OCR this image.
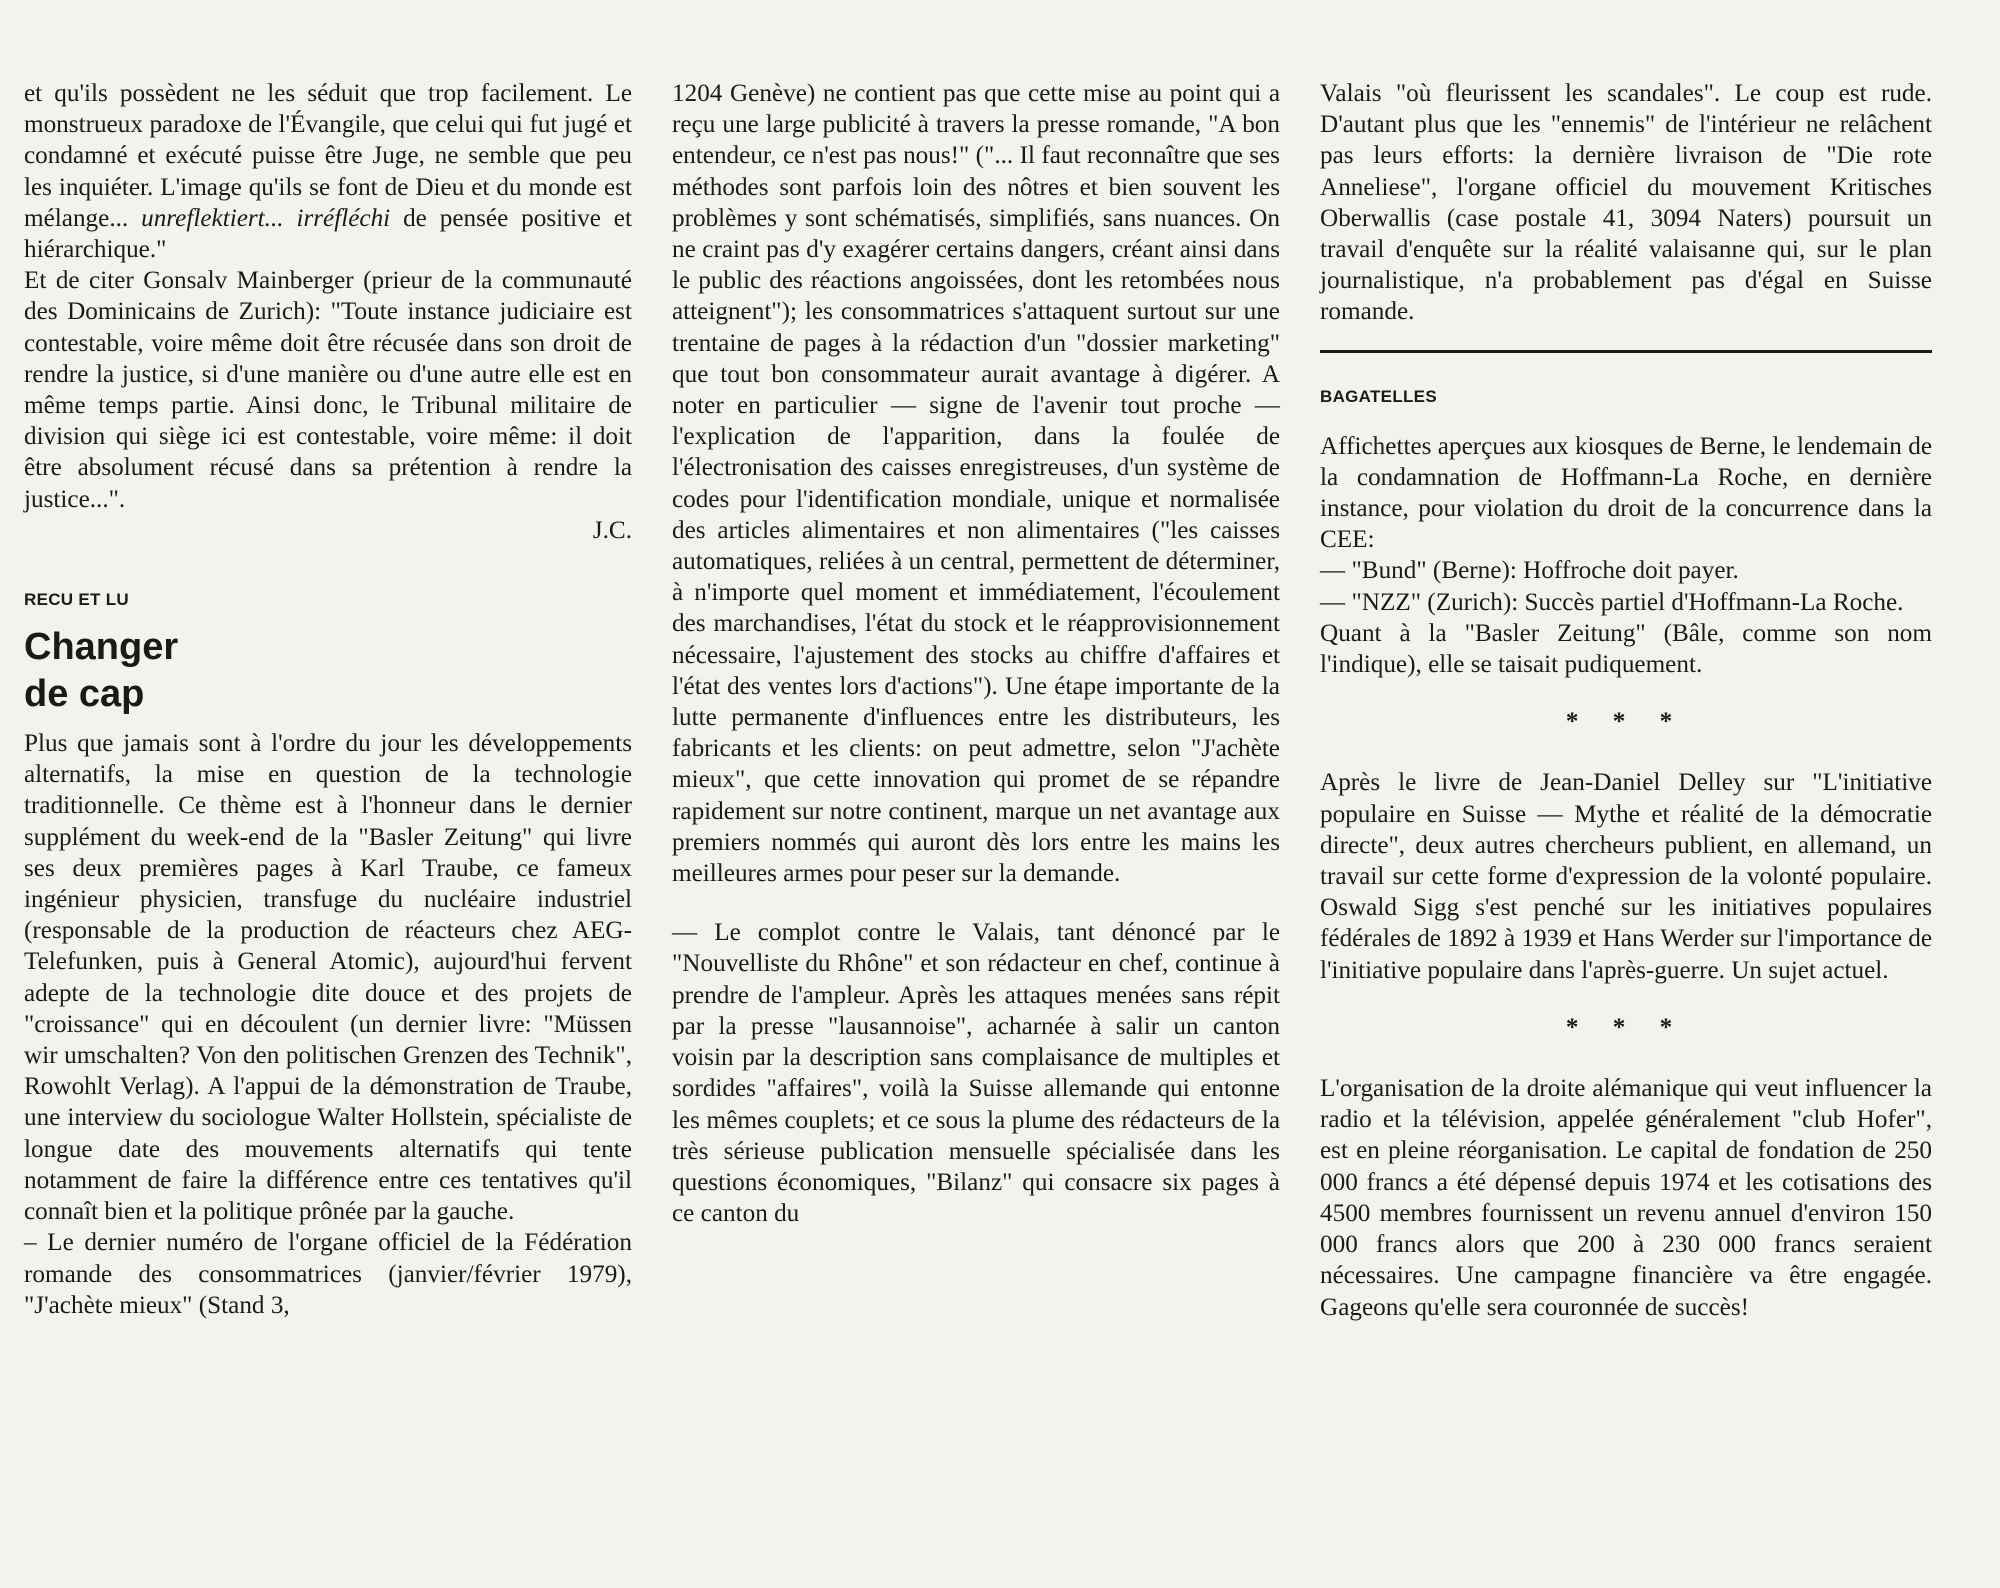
et qu'ils possèdent ne les séduit que trop facilement. Le monstrueux paradoxe de l'Évangile, que celui qui fut jugé et condamné et exécuté puisse être Juge, ne semble que peu les inquiéter. L'image qu'ils se font de Dieu et du monde est mélange... unreflektiert... irréfléchi de pensée positive et hiérarchique."

Et de citer Gonsalv Mainberger (prieur de la communauté des Dominicains de Zurich): "Toute instance judiciaire est contestable, voire même doit être récusée dans son droit de rendre la justice, si d'une manière ou d'une autre elle est en même temps partie. Ainsi donc, le Tribunal militaire de division qui siège ici est contestable, voire même: il doit être absolument récusé dans sa prétention à rendre la justice...".

J.C.

RECU ET LU
Changer
de cap

Plus que jamais sont à l'ordre du jour les développements alternatifs, la mise en question de la technologie traditionnelle. Ce thème est à l'honneur dans le dernier supplément du week-end de la "Basler Zeitung" qui livre ses deux premières pages à Karl Traube, ce fameux ingénieur physicien, transfuge du nucléaire industriel (responsable de la production de réacteurs chez AEG-Telefunken, puis à General Atomic), aujourd'hui fervent adepte de la technologie dite douce et des projets de "croissance" qui en découlent (un dernier livre: "Müssen wir umschalten? Von den politischen Grenzen des Technik", Rowohlt Verlag). A l'appui de la démonstration de Traube, une interview du sociologue Walter Hollstein, spécialiste de longue date des mouvements alternatifs qui tente notamment de faire la différence entre ces tentatives qu'il connaît bien et la politique prônée par la gauche.

– Le dernier numéro de l'organe officiel de la Fédération romande des consommatrices (janvier/février 1979), "J'achète mieux" (Stand 3,

1204 Genève) ne contient pas que cette mise au point qui a reçu une large publicité à travers la presse romande, "A bon entendeur, ce n'est pas nous!" ("... Il faut reconnaître que ses méthodes sont parfois loin des nôtres et bien souvent les problèmes y sont schématisés, simplifiés, sans nuances. On ne craint pas d'y exagérer certains dangers, créant ainsi dans le public des réactions angoissées, dont les retombées nous atteignent"); les consommatrices s'attaquent surtout sur une trentaine de pages à la rédaction d'un "dossier marketing" que tout bon consommateur aurait avantage à digérer. A noter en particulier — signe de l'avenir tout proche — l'explication de l'apparition, dans la foulée de l'électronisation des caisses enregistreuses, d'un système de codes pour l'identification mondiale, unique et normalisée des articles alimentaires et non alimentaires ("les caisses automatiques, reliées à un central, permettent de déterminer, à n'importe quel moment et immédiatement, l'écoulement des marchandises, l'état du stock et le réapprovisionnement nécessaire, l'ajustement des stocks au chiffre d'affaires et l'état des ventes lors d'actions"). Une étape importante de la lutte permanente d'influences entre les distributeurs, les fabricants et les clients: on peut admettre, selon "J'achète mieux", que cette innovation qui promet de se répandre rapidement sur notre continent, marque un net avantage aux premiers nommés qui auront dès lors entre les mains les meilleures armes pour peser sur la demande.

— Le complot contre le Valais, tant dénoncé par le "Nouvelliste du Rhône" et son rédacteur en chef, continue à prendre de l'ampleur. Après les attaques menées sans répit par la presse "lausannoise", acharnée à salir un canton voisin par la description sans complaisance de multiples et sordides "affaires", voilà la Suisse allemande qui entonne les mêmes couplets; et ce sous la plume des rédacteurs de la très sérieuse publication mensuelle spécialisée dans les questions économiques, "Bilanz" qui consacre six pages à ce canton du

Valais "où fleurissent les scandales". Le coup est rude. D'autant plus que les "ennemis" de l'intérieur ne relâchent pas leurs efforts: la dernière livraison de "Die rote Anneliese", l'organe officiel du mouvement Kritisches Oberwallis (case postale 41, 3094 Naters) poursuit un travail d'enquête sur la réalité valaisanne qui, sur le plan journalistique, n'a probablement pas d'égal en Suisse romande.

BAGATELLES

Affichettes aperçues aux kiosques de Berne, le lendemain de la condamnation de Hoffmann-La Roche, en dernière instance, pour violation du droit de la concurrence dans la CEE:

— "Bund" (Berne): Hoffroche doit payer.

— "NZZ" (Zurich): Succès partiel d'Hoffmann-La Roche.

Quant à la "Basler Zeitung" (Bâle, comme son nom l'indique), elle se taisait pudiquement.

* * *

Après le livre de Jean-Daniel Delley sur "L'initiative populaire en Suisse — Mythe et réalité de la démocratie directe", deux autres chercheurs publient, en allemand, un travail sur cette forme d'expression de la volonté populaire. Oswald Sigg s'est penché sur les initiatives populaires fédérales de 1892 à 1939 et Hans Werder sur l'importance de l'initiative populaire dans l'après-guerre. Un sujet actuel.

* * *

L'organisation de la droite alémanique qui veut influencer la radio et la télévision, appelée généralement "club Hofer", est en pleine réorganisation. Le capital de fondation de 250 000 francs a été dépensé depuis 1974 et les cotisations des 4500 membres fournissent un revenu annuel d'environ 150 000 francs alors que 200 à 230 000 francs seraient nécessaires. Une campagne financière va être engagée. Gageons qu'elle sera couronnée de succès!
